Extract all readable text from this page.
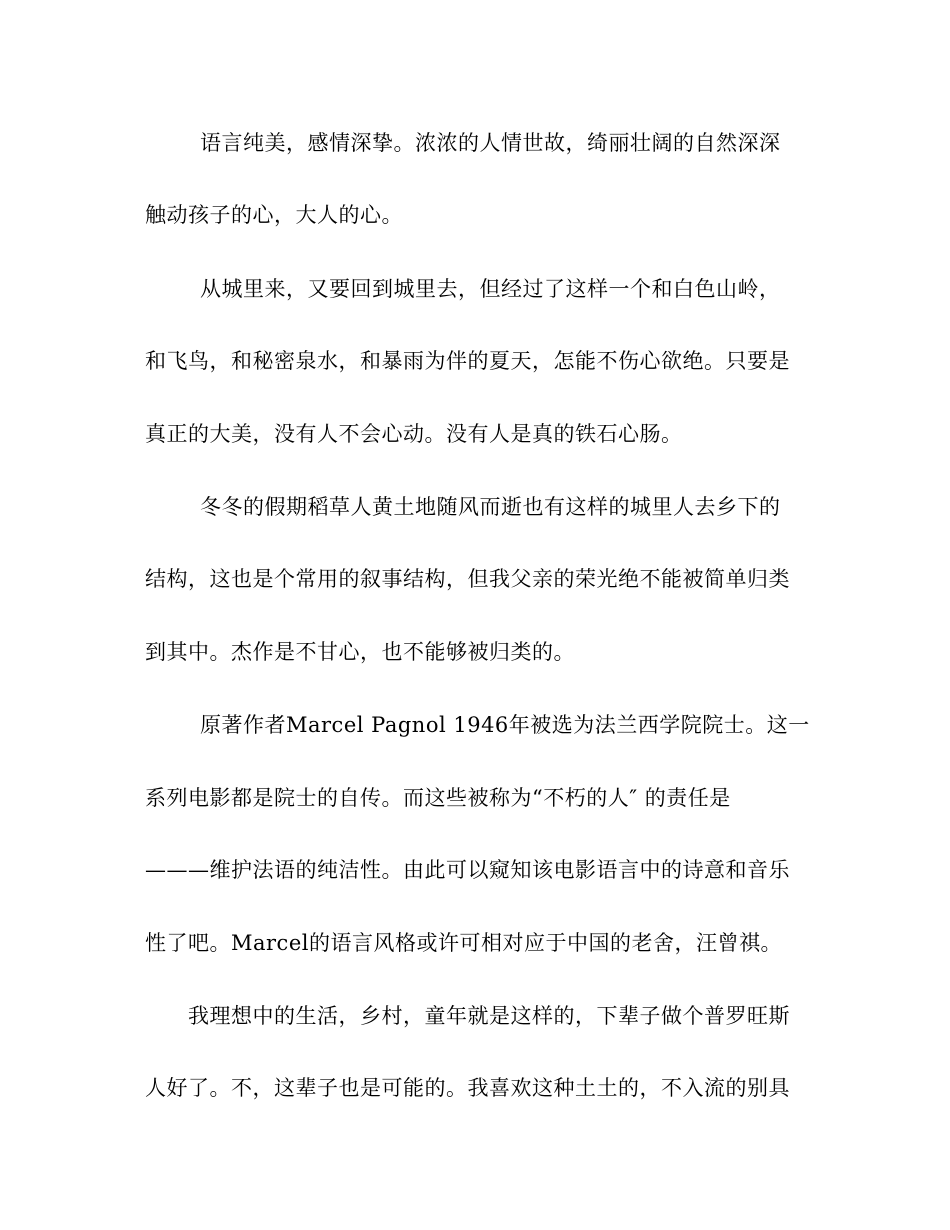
语言纯美，感情深挚。浓浓的人情世故，绮丽壮阔的自然深深
触动孩子的心，大人的心。
从城里来，又要回到城里去，但经过了这样一个和白色山岭，
和飞鸟，和秘密泉水，和暴雨为伴的夏天，怎能不伤心欲绝。只要是
真正的大美，没有人不会心动。没有人是真的铁石心肠。
冬冬的假期稻草人黄土地随风而逝也有这样的城里人去乡下的
结构，这也是个常用的叙事结构，但我父亲的荣光绝不能被简单归类
到其中。杰作是不甘心，也不能够被归类的。
原著作者Marcel Pagnol 1946年被选为法兰西学院院士。这一
系列电影都是院士的自传。而这些被称为“不朽的人″ 的责任是
———维护法语的纯洁性。由此可以窥知该电影语言中的诗意和音乐
性了吧。Marcel的语言风格或许可相对应于中国的老舍，汪曾祺。
我理想中的生活，乡村，童年就是这样的，下辈子做个普罗旺斯
人好了。不，这辈子也是可能的。我喜欢这种土土的，不入流的别具
